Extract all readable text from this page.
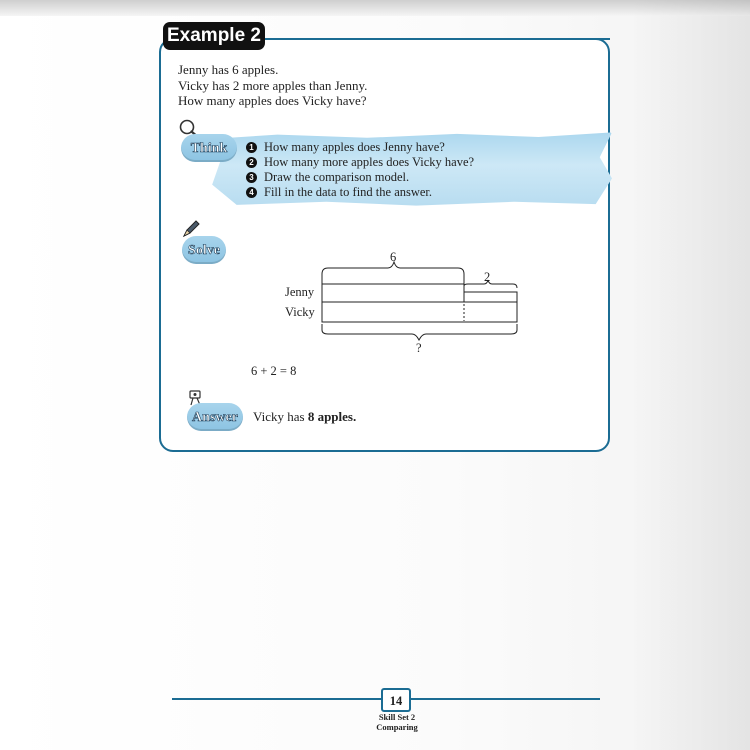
Example 2
Jenny has 6 apples.
Vicky has 2 more apples than Jenny.
How many apples does Vicky have?
Think	1 How many apples does Jenny have?
2 How many more apples does Vicky have?
3 Draw the comparison model.
4 Fill in the data to find the answer.
Solve
Jenny
Vicky
6
2
?
6 + 2 = 8
Answer	Vicky has 8 apples.
14
Skill Set 2
Comparing
